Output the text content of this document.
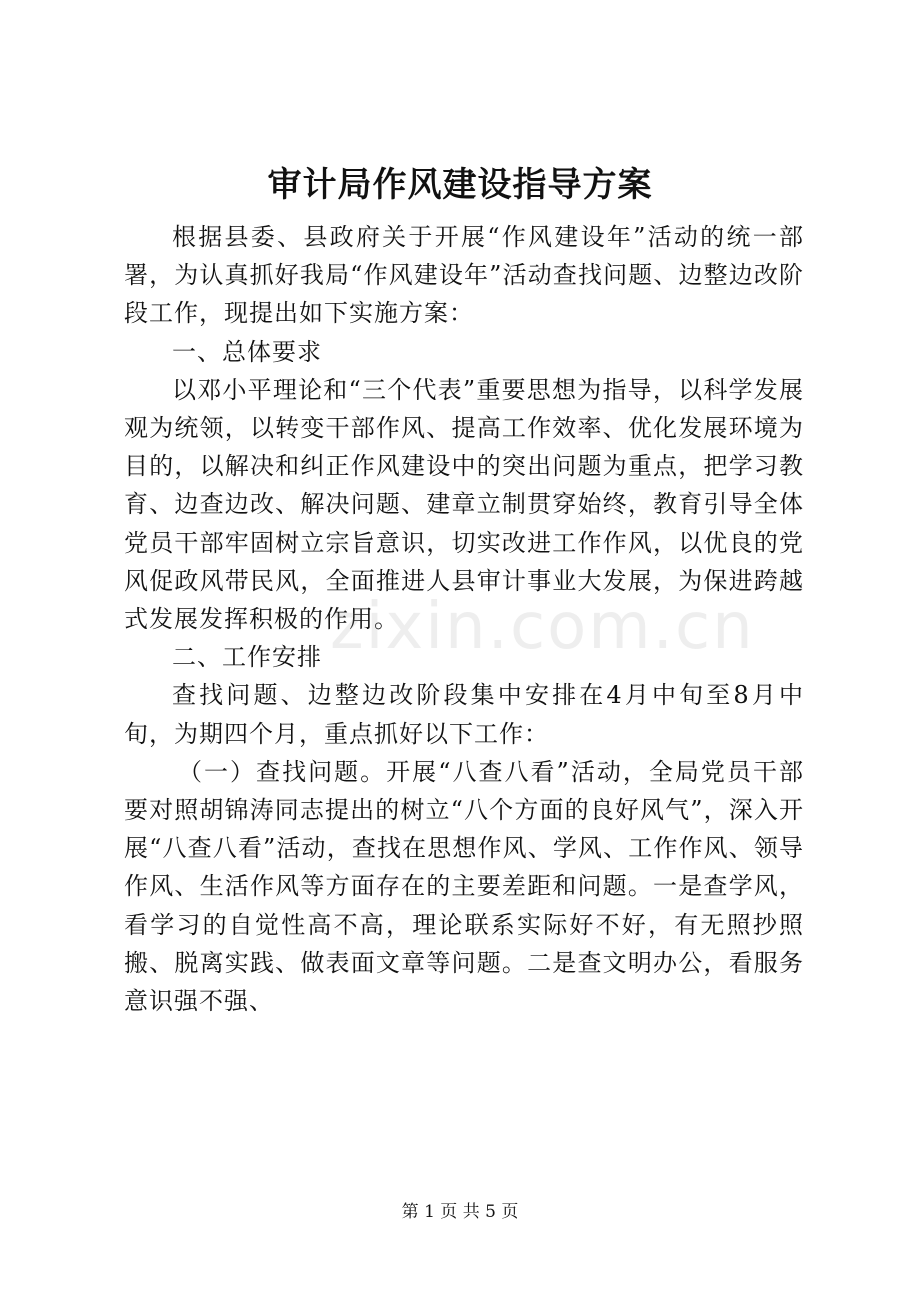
审计局作风建设指导方案

根据县委、县政府关于开展“作风建设年”活动的统一部署，为认真抓好我局“作风建设年”活动查找问题、边整边改阶段工作，现提出如下实施方案：

一、总体要求

以邓小平理论和“三个代表”重要思想为指导，以科学发展观为统领，以转变干部作风、提高工作效率、优化发展环境为目的，以解决和纠正作风建设中的突出问题为重点，把学习教育、边查边改、解决问题、建章立制贯穿始终，教育引导全体党员干部牢固树立宗旨意识，切实改进工作作风，以优良的党风促政风带民风，全面推进人县审计事业大发展，为保进跨越式发展发挥积极的作用。

二、工作安排

查找问题、边整边改阶段集中安排在4月中旬至8月中旬，为期四个月，重点抓好以下工作：

（一）查找问题。开展“八查八看”活动，全局党员干部要对照胡锦涛同志提出的树立“八个方面的良好风气”，深入开展“八查八看”活动，查找在思想作风、学风、工作作风、领导作风、生活作风等方面存在的主要差距和问题。一是查学风，看学习的自觉性高不高，理论联系实际好不好，有无照抄照搬、脱离实践、做表面文章等问题。二是查文明办公，看服务意识强不强、

zixin.com.cn
第 1 页 共 5 页
